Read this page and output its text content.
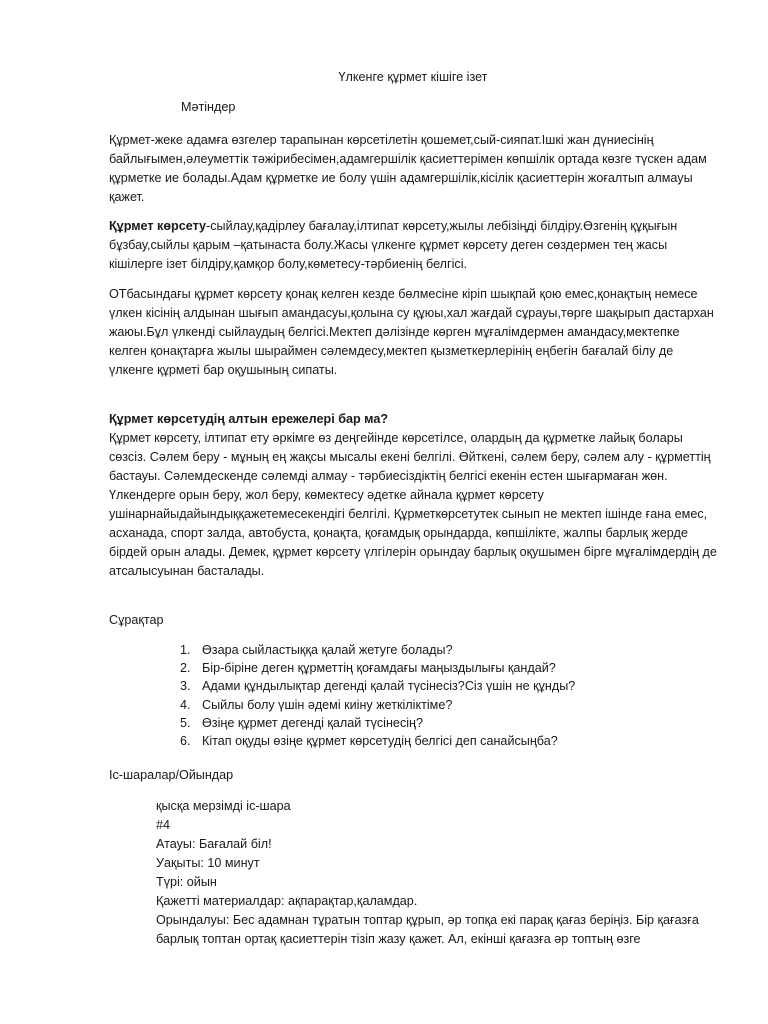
Үлкенге құрмет кішіге ізет
Мәтіндер

Құрмет-жеке адамға өзгелер тарапынан көрсетілетін қошемет,сый-сияпат.Ішкі жан дүниесінің байлығымен,әлеуметтік тәжірибесімен,адамгершілік қасиеттерімен көпшілік ортада көзге түскен адам құрметке ие болады.Адам құрметке ие болу үшін адамгершілік,кісілік қасиеттерін жоғалтып алмауы қажет.

Құрмет көрсету-сыйлау,қадірлеу бағалау,ілтипат көрсету,жылы лебізіңді білдіру.Өзгенің құқығын бұзбау,сыйлы қарым –қатынаста болу.Жасы үлкенге құрмет көрсету деген сөздермен тең жасы кішілерге ізет білдіру,қамқор болу,көметесу-тәрбиенің белгісі.

ОТбасындағы құрмет көрсету қонақ келген кезде бөлмесіне кіріп шықпай қою емес,қонақтың немесе үлкен кісінің алдынан шығып амандасуы,қолына су құюы,хал жағдай сұрауы,төрге шақырып дастархан жаюы.Бұл үлкенді сыйлаудың белгісі.Мектеп дәлізінде көрген мұғалімдермен амандасу,мектепке келген қонақтарға жылы шыраймен сәлемдесу,мектеп қызметкерлерінің еңбегін бағалай білу де үлкенге құрметі бар оқушының сипаты.

Құрмет көрсетудің алтын ережелері бар ма?
Құрмет көрсету, ілтипат ету әркімге өз деңгейінде көрсетілсе, олардың да құрметке лайық болары сөзсіз. Сәлем беру - мұның ең жақсы мысалы екені белгілі. Өйткені, сәлем беру, сәлем алу - құрметтің бастауы. Сәлемдескенде сәлемді алмау - тәрбиесіздіктің белгісі екенін естен шығармаған жөн. Үлкендерге орын беру, жол беру, көмектесу әдетке айнала құрмет көрсету ушінарнайыдайындыққажетемесекендігі белгілі. Құрметкөрсетутек сынып не мектеп ішінде ғана емес, асханада, спорт залда, автобуста, қонақта, қоғамдық орындарда, көпшілікте, жалпы барлық жерде бірдей орын алады. Демек, құрмет көрсету үлгілерін орындау барлық оқушымен бірге мұғалімдердің де атсалысуынан басталады.
Сұрақтар
1. Өзара сыйластыққа қалай жетуге болады?
2. Бір-біріне деген құрметтің қоғамдағы маңыздылығы қандай?
3. Адами құндылықтар дегенді қалай түсінесіз?Сіз үшін не құнды?
4. Сыйлы болу үшін әдемі киіну жеткіліктіме?
5. Өзіңе құрмет дегенді қалай түсінесің?
6. Кітап оқуды өзіңе құрмет көрсетудің белгісі деп санайсыңба?
Іс-шаралар/Ойындар
қысқа мерзімді іс-шара
#4
Атауы: Бағалай біл!
Уақыты: 10 минут
Түрі: ойын
Қажетті материалдар: ақпарақтар,қаламдар.
Орындалуы: Бес адамнан тұратын топтар құрып, әр топқа екі парақ қағаз беріңіз. Бір қағазға барлық топтан ортақ қасиеттерін тізіп жазу қажет. Ал, екінші қағазға әр топтың өзге
